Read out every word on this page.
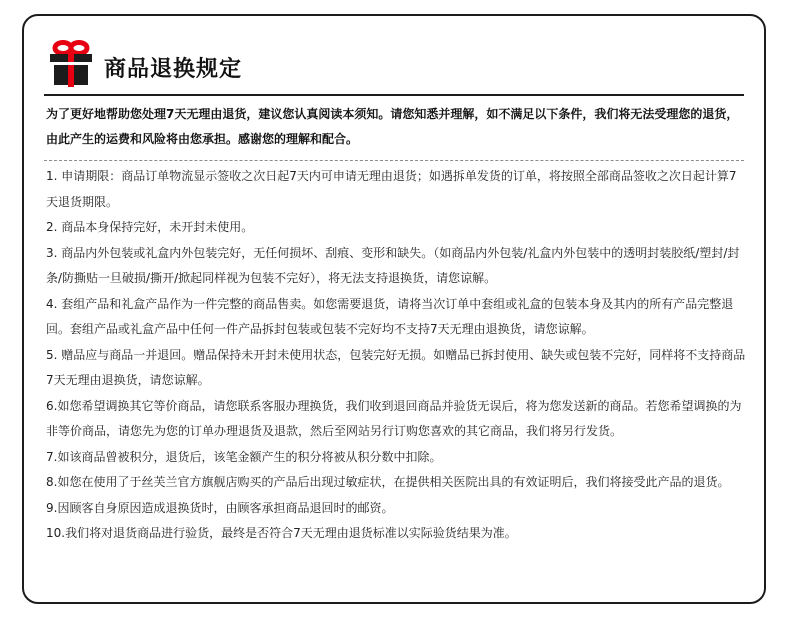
商品退换规定

为了更好地帮助您处理7天无理由退货，建议您认真阅读本须知。请您知悉并理解，如不满足以下条件，我们将无法受理您的退货，由此产生的运费和风险将由您承担。感谢您的理解和配合。

1. 申请期限：商品订单物流显示签收之次日起7天内可申请无理由退货；如遇拆单发货的订单，将按照全部商品签收之次日起计算7天退货期限。
2. 商品本身保持完好，未开封未使用。
3. 商品内外包装或礼盒内外包装完好，无任何损坏、刮痕、变形和缺失。（如商品内外包装/礼盒内外包装中的透明封装胶纸/塑封/封条/防撕贴一旦破损/撕开/掀起同样视为包装不完好），将无法支持退换货，请您谅解。
4. 套组产品和礼盒产品作为一件完整的商品售卖。如您需要退货，请将当次订单中套组或礼盒的包装本身及其内的所有产品完整退回。套组产品或礼盒产品中任何一件产品拆封包装或包装不完好均不支持7天无理由退换货，请您谅解。
5. 赠品应与商品一并退回。赠品保持未开封未使用状态，包装完好无损。如赠品已拆封使用、缺失或包装不完好，同样将不支持商品7天无理由退换货，请您谅解。
6.如您希望调换其它等价商品，请您联系客服办理换货，我们收到退回商品并验货无误后，将为您发送新的商品。若您希望调换的为非等价商品，请您先为您的订单办理退货及退款，然后至网站另行订购您喜欢的其它商品，我们将另行发货。
7.如该商品曾被积分，退货后，该笔金额产生的积分将被从积分数中扣除。
8.如您在使用了于丝芙兰官方旗舰店购买的产品后出现过敏症状，在提供相关医院出具的有效证明后，我们将接受此产品的退货。
9.因顾客自身原因造成退换货时，由顾客承担商品退回时的邮资。
10.我们将对退货商品进行验货，最终是否符合7天无理由退货标准以实际验货结果为准。
